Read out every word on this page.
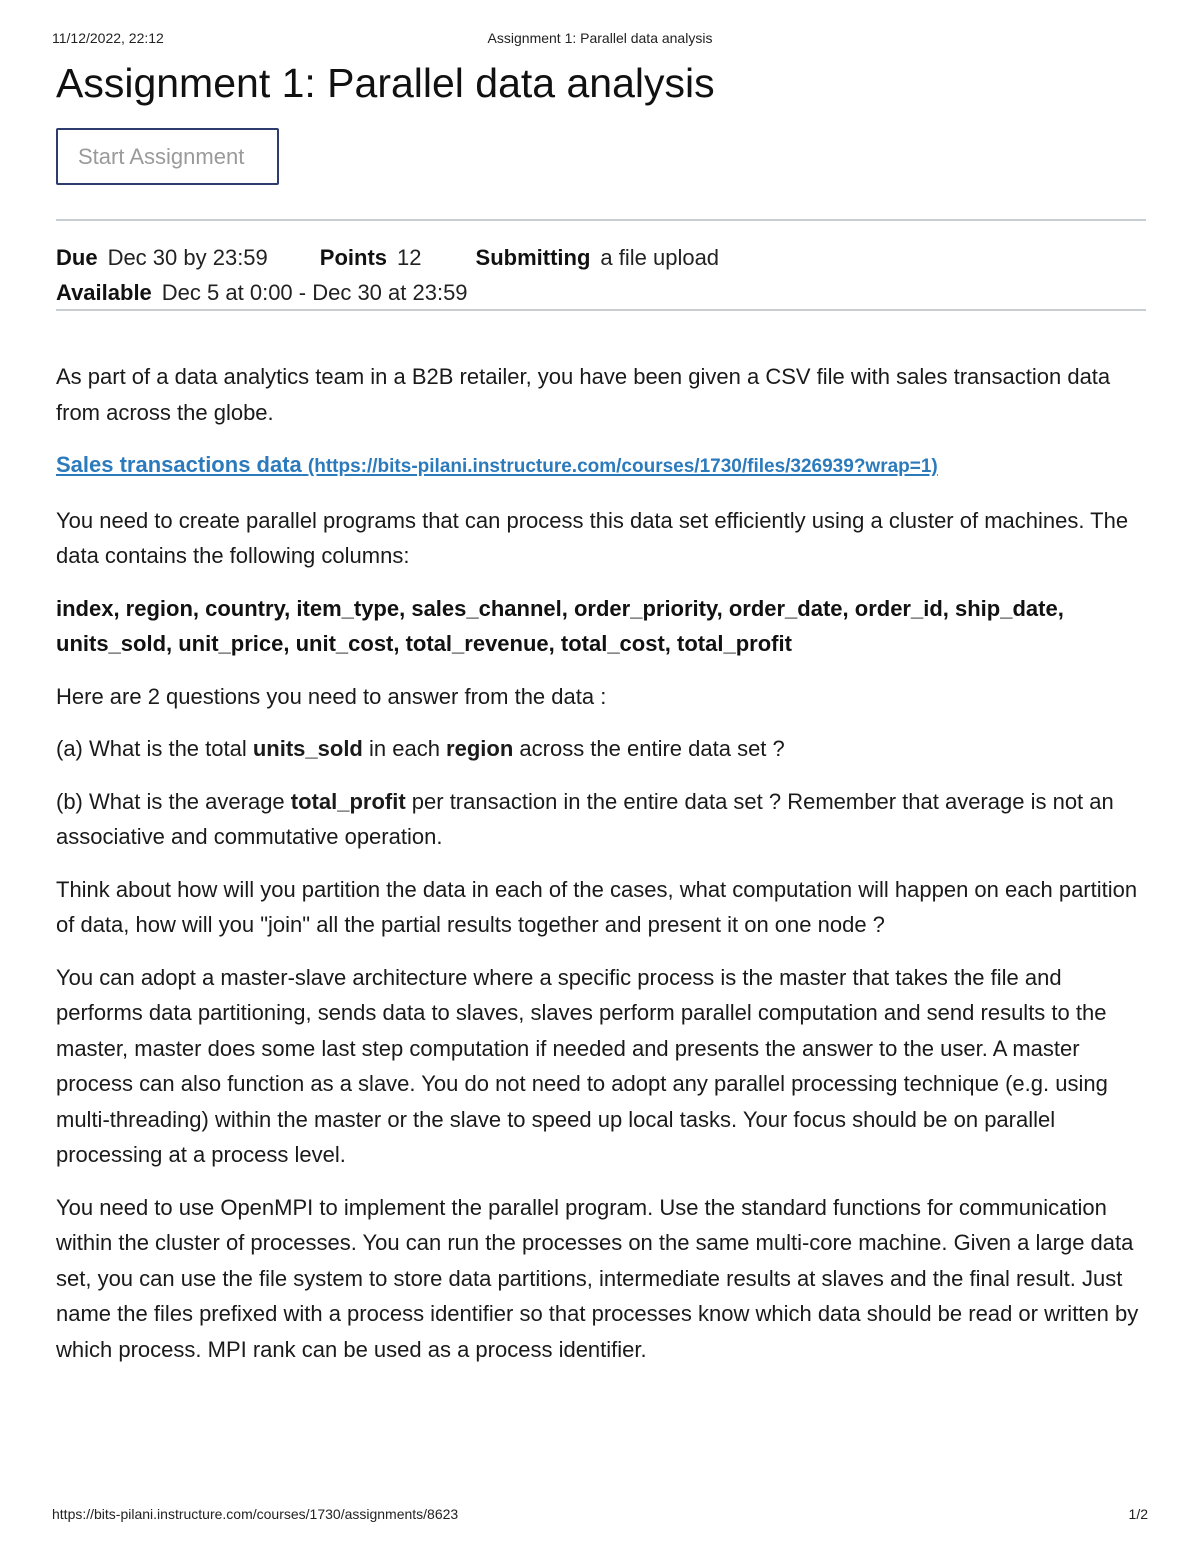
11/12/2022, 22:12	Assignment 1: Parallel data analysis
Assignment 1: Parallel data analysis
Start Assignment
Due Dec 30 by 23:59 Points 12 Submitting a file upload
Available Dec 5 at 0:00 - Dec 30 at 23:59

As part of a data analytics team in a B2B retailer, you have been given a CSV file with sales transaction data from across the globe.

Sales transactions data (https://bits-pilani.instructure.com/courses/1730/files/326939?wrap=1)

You need to create parallel programs that can process this data set efficiently using a cluster of machines. The data contains the following columns:

index, region, country, item_type, sales_channel, order_priority, order_date, order_id, ship_date, units_sold, unit_price, unit_cost, total_revenue, total_cost, total_profit

Here are 2 questions you need to answer from the data :

(a) What is the total units_sold in each region across the entire data set ?

(b) What is the average total_profit per transaction in the entire data set ? Remember that average is not an associative and commutative operation.

Think about how will you partition the data in each of the cases, what computation will happen on each partition of data, how will you "join" all the partial results together and present it on one node ?

You can adopt a master-slave architecture where a specific process is the master that takes the file and performs data partitioning, sends data to slaves, slaves perform parallel computation and send results to the master, master does some last step computation if needed and presents the answer to the user. A master process can also function as a slave. You do not need to adopt any parallel processing technique (e.g. using multi-threading) within the master or the slave to speed up local tasks. Your focus should be on parallel processing at a process level.

You need to use OpenMPI to implement the parallel program. Use the standard functions for communication within the cluster of processes. You can run the processes on the same multi-core machine. Given a large data set, you can use the file system to store data partitions, intermediate results at slaves and the final result. Just name the files prefixed with a process identifier so that processes know which data should be read or written by which process. MPI rank can be used as a process identifier.

https://bits-pilani.instructure.com/courses/1730/assignments/8623	1/2
